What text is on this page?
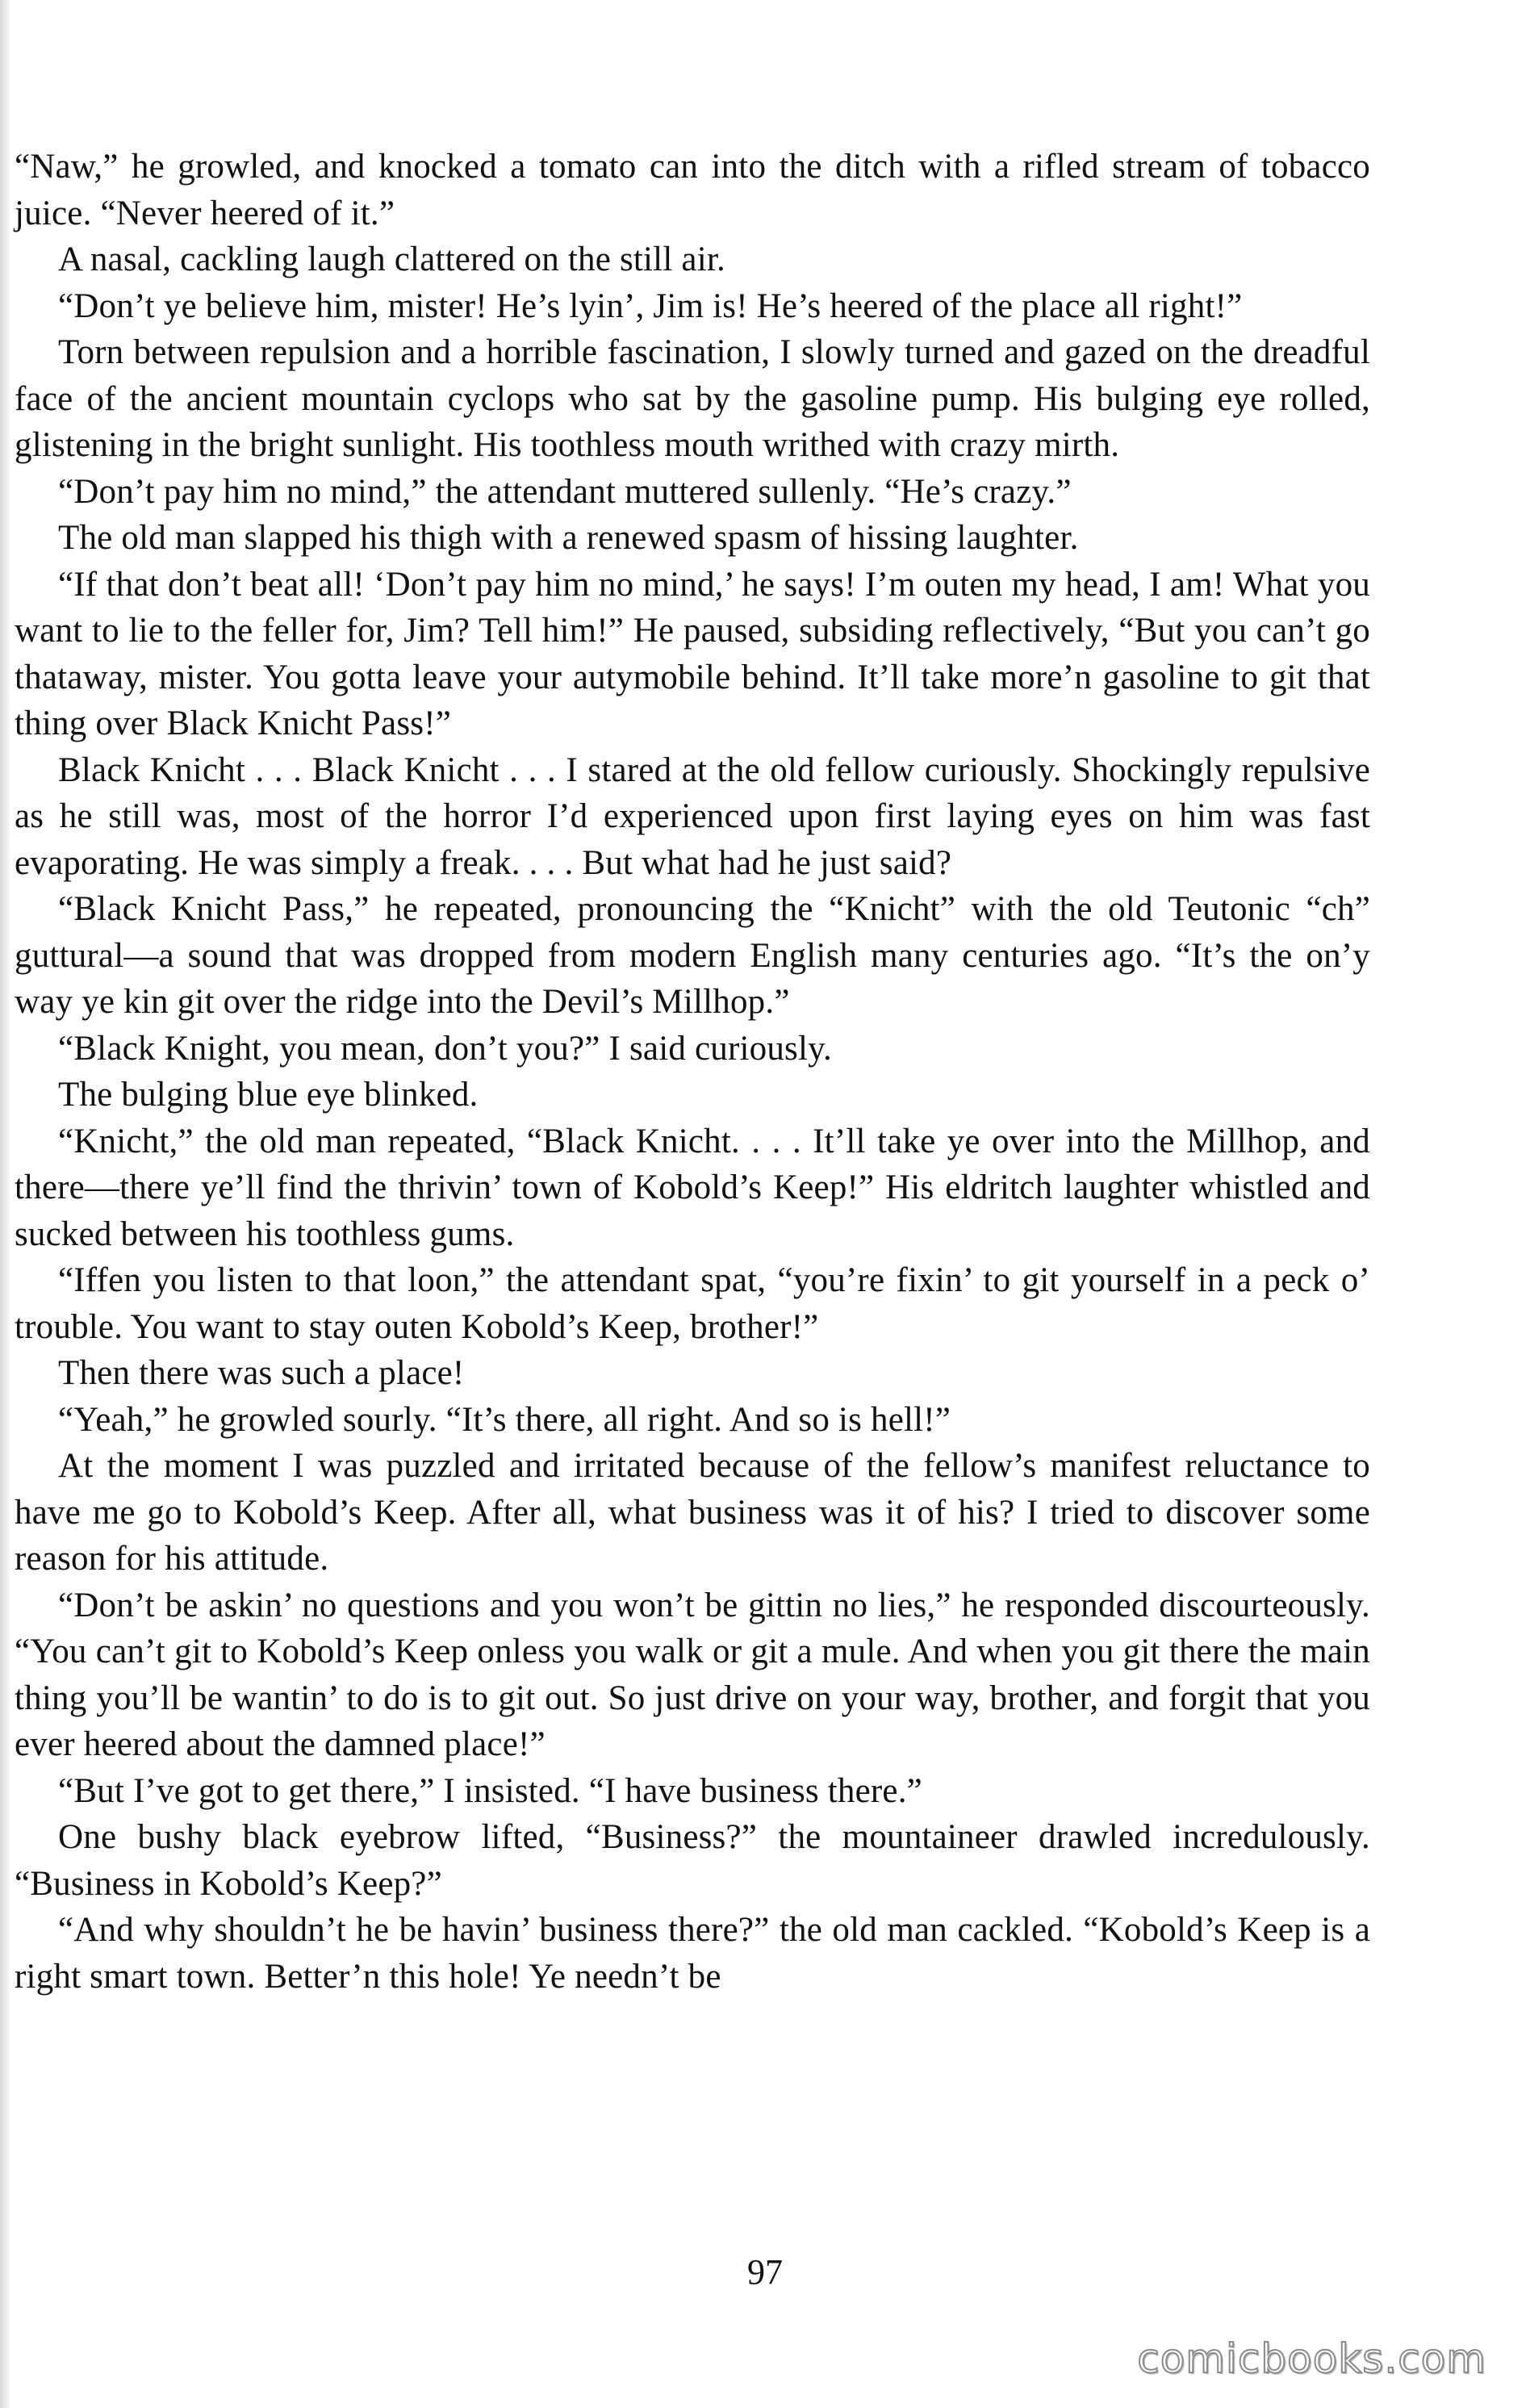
“Naw,” he growled, and knocked a tomato can into the ditch with a rifled stream of tobacco juice. “Never heered of it.”

A nasal, cackling laugh clattered on the still air.

“Don’t ye believe him, mister! He’s lyin’, Jim is! He’s heered of the place all right!”

Torn between repulsion and a horrible fascination, I slowly turned and gazed on the dreadful face of the ancient mountain cyclops who sat by the gasoline pump. His bulging eye rolled, glistening in the bright sunlight. His toothless mouth writhed with crazy mirth.

“Don’t pay him no mind,” the attendant muttered sullenly. “He’s crazy.”

The old man slapped his thigh with a renewed spasm of hissing laughter.

“If that don’t beat all! ‘Don’t pay him no mind,’ he says! I’m outen my head, I am! What you want to lie to the feller for, Jim? Tell him!” He paused, subsiding reflectively, “But you can’t go thataway, mister. You gotta leave your autymobile behind. It’ll take more’n gasoline to git that thing over Black Knicht Pass!”

Black Knicht . . . Black Knicht . . . I stared at the old fellow curiously. Shockingly repulsive as he still was, most of the horror I’d experienced upon first laying eyes on him was fast evaporating. He was simply a freak. . . . But what had he just said?

“Black Knicht Pass,” he repeated, pronouncing the “Knicht” with the old Teutonic “ch” guttural—a sound that was dropped from modern English many centuries ago. “It’s the on’y way ye kin git over the ridge into the Devil’s Millhop.”

“Black Knight, you mean, don’t you?” I said curiously.

The bulging blue eye blinked.

“Knicht,” the old man repeated, “Black Knicht. . . . It’ll take ye over into the Millhop, and there—there ye’ll find the thrivin’ town of Kobold’s Keep!” His eldritch laughter whistled and sucked between his toothless gums.

“Iffen you listen to that loon,” the attendant spat, “you’re fixin’ to git yourself in a peck o’ trouble. You want to stay outen Kobold’s Keep, brother!”

Then there was such a place!

“Yeah,” he growled sourly. “It’s there, all right. And so is hell!”

At the moment I was puzzled and irritated because of the fellow’s manifest reluctance to have me go to Kobold’s Keep. After all, what business was it of his? I tried to discover some reason for his attitude.

“Don’t be askin’ no questions and you won’t be gittin no lies,” he responded discourteously. “You can’t git to Kobold’s Keep onless you walk or git a mule. And when you git there the main thing you’ll be wantin’ to do is to git out. So just drive on your way, brother, and forgit that you ever heered about the damned place!”

“But I’ve got to get there,” I insisted. “I have business there.”

One bushy black eyebrow lifted, “Business?” the mountaineer drawled incredulously. “Business in Kobold’s Keep?”

“And why shouldn’t he be havin’ business there?” the old man cackled. “Kobold’s Keep is a right smart town. Better’n this hole! Ye needn’t be

97
comicbooks.com
